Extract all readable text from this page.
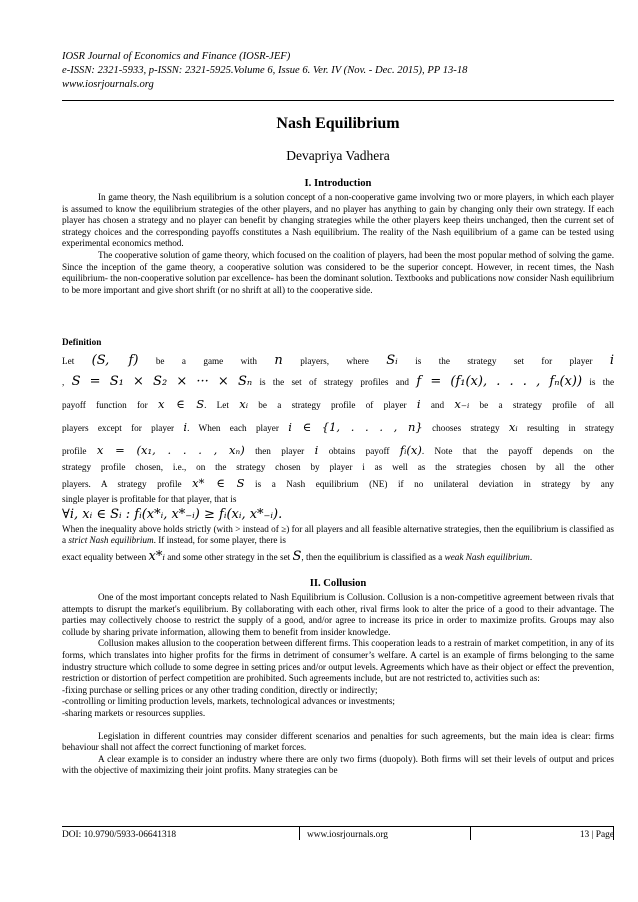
IOSR Journal of Economics and Finance (IOSR-JEF)
e-ISSN: 2321-5933, p-ISSN: 2321-5925.Volume 6, Issue 6. Ver. IV (Nov. - Dec. 2015), PP 13-18
www.iosrjournals.org
Nash Equilibrium
Devapriya Vadhera

I. Introduction

In game theory, the Nash equilibrium is a solution concept of a non-cooperative game involving two or more players, in which each player is assumed to know the equilibrium strategies of the other players, and no player has anything to gain by changing only their own strategy. If each player has chosen a strategy and no player can benefit by changing strategies while the other players keep theirs unchanged, then the current set of strategy choices and the corresponding payoffs constitutes a Nash equilibrium. The reality of the Nash equilibrium of a game can be tested using experimental economics method.

The cooperative solution of game theory, which focused on the coalition of players, had been the most popular method of solving the game. Since the inception of the game theory, a cooperative solution was considered to be the superior concept. However, in recent times, the Nash equilibrium- the non-cooperative solution par excellence- has been the dominant solution. Textbooks and publications now consider Nash equilibrium to be more important and give short shrift (or no shrift at all) to the cooperative side.

Definition

Let (S, f) be a game with n players, where Sᵢ is the strategy set for player i

, S = S₁ × S₂ × ··· × Sₙ is the set of strategy profiles and f = (f₁(x), . . . , fₙ(x)) is the

payoff function for x ∈ S. Let xᵢ be a strategy profile of player i and x₋ᵢ be a strategy profile of all

players except for player i. When each player i ∈ {1, . . . , n} chooses strategy xᵢ resulting in strategy

profile x = (x₁, . . . , xₙ) then player i obtains payoff fᵢ(x). Note that the payoff depends on the

strategy profile chosen, i.e., on the strategy chosen by player i as well as the strategies chosen by all the other

players. A strategy profile x* ∈ S is a Nash equilibrium (NE) if no unilateral deviation in strategy by any

single player is profitable for that player, that is

∀i, xᵢ ∈ Sᵢ : fᵢ(x*ᵢ, x*₋ᵢ) ≥ fᵢ(xᵢ, x*₋ᵢ).

When the inequality above holds strictly (with > instead of ≥) for all players and all feasible alternative strategies, then the equilibrium is classified as a strict Nash equilibrium. If instead, for some player, there is

exact equality between x*ᵢ and some other strategy in the set S, then the equilibrium is classified as a weak Nash equilibrium.

II. Collusion

One of the most important concepts related to Nash Equilibrium is Collusion. Collusion is a non-competitive agreement between rivals that attempts to disrupt the market's equilibrium. By collaborating with each other, rival firms look to alter the price of a good to their advantage. The parties may collectively choose to restrict the supply of a good, and/or agree to increase its price in order to maximize profits. Groups may also collude by sharing private information, allowing them to benefit from insider knowledge.

Collusion makes allusion to the cooperation between different firms. This cooperation leads to a restrain of market competition, in any of its forms, which translates into higher profits for the firms in detriment of consumer’s welfare. A cartel is an example of firms belonging to the same industry structure which collude to some degree in setting prices and/or output levels. Agreements which have as their object or effect the prevention, restriction or distortion of perfect competition are prohibited. Such agreements include, but are not restricted to, activities such as:

-fixing purchase or selling prices or any other trading condition, directly or indirectly;

-controlling or limiting production levels, markets, technological advances or investments;

-sharing markets or resources supplies.

Legislation in different countries may consider different scenarios and penalties for such agreements, but the main idea is clear: firms behaviour shall not affect the correct functioning of market forces.

A clear example is to consider an industry where there are only two firms (duopoly). Both firms will set their levels of output and prices with the objective of maximizing their joint profits. Many strategies can be

DOI: 10.9790/5933-06641318	www.iosrjournals.org	13 | Page
